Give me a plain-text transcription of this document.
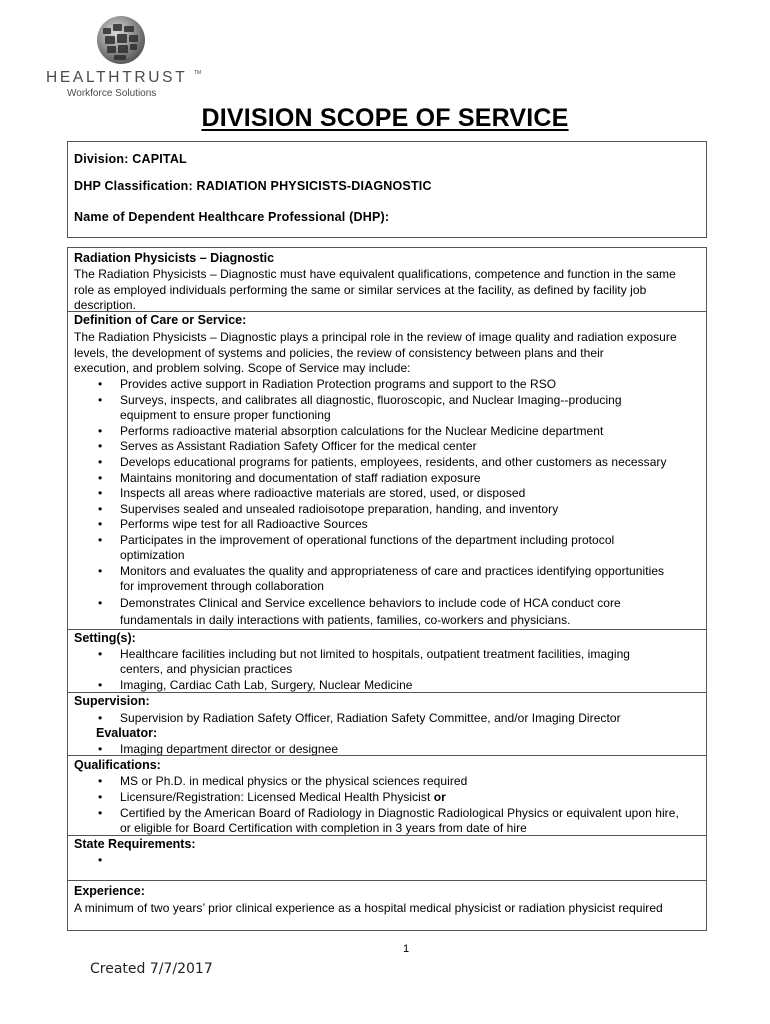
HEALTHTRUST	TM
Workforce Solutions
DIVISION SCOPE OF SERVICE
Division: CAPITAL
DHP Classification: RADIATION PHYSICISTS-DIAGNOSTIC
Name of Dependent Healthcare Professional (DHP):
Radiation Physicists – Diagnostic
The Radiation Physicists – Diagnostic must have equivalent qualifications, competence and function in the same
role as employed individuals performing the same or similar services at the facility, as defined by facility job
description.
Definition of Care or Service:
The Radiation Physicists – Diagnostic plays a principal role in the review of image quality and radiation exposure
levels, the development of systems and policies, the review of consistency between plans and their
execution, and problem solving. Scope of Service may include:
• Provides active support in Radiation Protection programs and support to the RSO
• Surveys, inspects, and calibrates all diagnostic, fluoroscopic, and Nuclear Imaging--producing
equipment to ensure proper functioning
• Performs radioactive material absorption calculations for the Nuclear Medicine department
• Serves as Assistant Radiation Safety Officer for the medical center
• Develops educational programs for patients, employees, residents, and other customers as necessary
• Maintains monitoring and documentation of staff radiation exposure
• Inspects all areas where radioactive materials are stored, used, or disposed
• Supervises sealed and unsealed radioisotope preparation, handing, and inventory
• Performs wipe test for all Radioactive Sources
• Participates in the improvement of operational functions of the department including protocol
optimization
• Monitors and evaluates the quality and appropriateness of care and practices identifying opportunities
for improvement through collaboration
• Demonstrates Clinical and Service excellence behaviors to include code of HCA conduct core
fundamentals in daily interactions with patients, families, co-workers and physicians.
Setting(s):
• Healthcare facilities including but not limited to hospitals, outpatient treatment facilities, imaging
centers, and physician practices
• Imaging, Cardiac Cath Lab, Surgery, Nuclear Medicine
Supervision:
• Supervision by Radiation Safety Officer, Radiation Safety Committee, and/or Imaging Director
Evaluator:
• Imaging department director or designee
Qualifications:
• MS or Ph.D. in medical physics or the physical sciences required
• Licensure/Registration: Licensed Medical Health Physicist or
• Certified by the American Board of Radiology in Diagnostic Radiological Physics or equivalent upon hire,
or eligible for Board Certification with completion in 3 years from date of hire
State Requirements:
•
Experience:
A minimum of two years’ prior clinical experience as a hospital medical physicist or radiation physicist required
1
Created 7/7/2017
